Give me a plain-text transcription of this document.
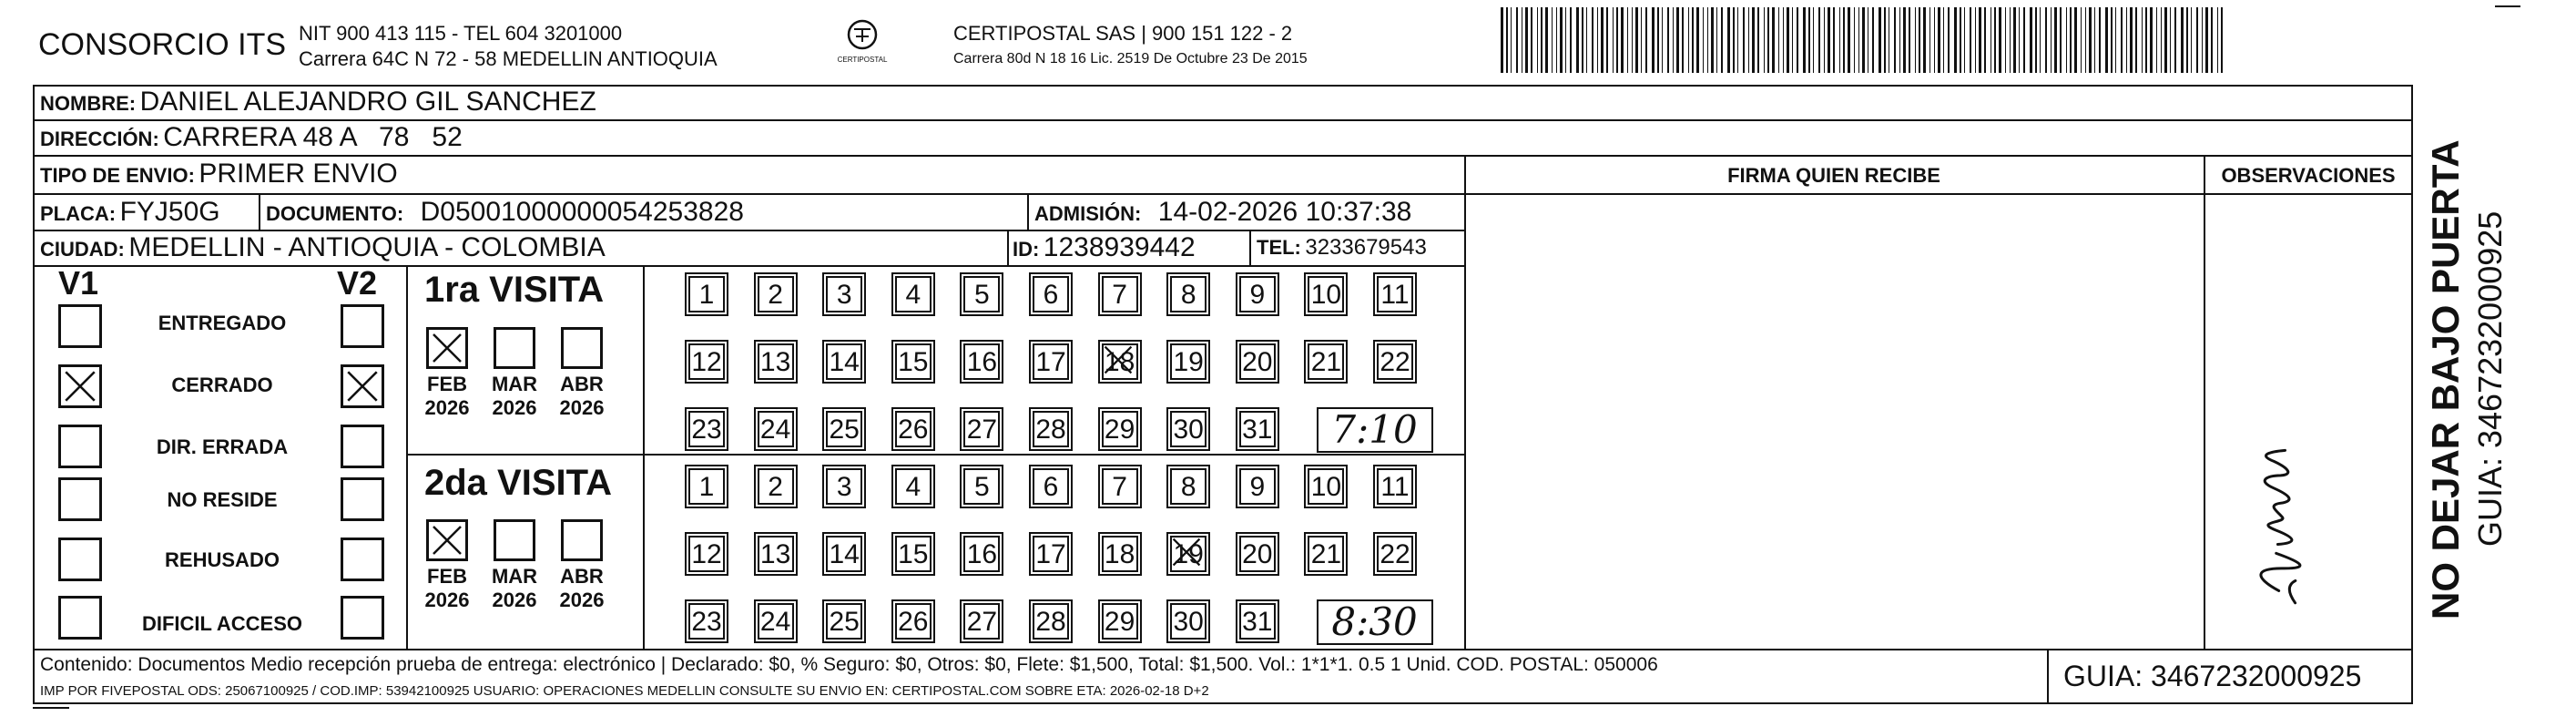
CONSORCIO ITS NIT 900 413 115 - TEL 604 3201000
Carrera 64C N 72 - 58 MEDELLIN ANTIOQUIA	CERTIPOSTAL
CERTIPOSTAL SAS | 900 151 122 - 2
Carrera 80d N 18 16 Lic. 2519 De Octubre 23 De 2015
NOMBRE: DANIEL ALEJANDRO GIL SANCHEZ
DIRECCIÓN: CARRERA 48 A   78   52
TIPO DE ENVIO: PRIMER ENVIO	FIRMA QUIEN RECIBE	OBSERVACIONES
PLACA: FYJ50G DOCUMENTO: D05001000000054253828	ADMISIÓN: 14-02-2026 10:37:38
CIUDAD: MEDELLIN - ANTIOQUIA - COLOMBIA	ID: 1238939442	TEL: 3233679543
V1	V2
ENTREGADO
CERRADO
DIR. ERRADA
NO RESIDE
REHUSADO
DIFICIL ACCESO
1ra VISITA
2da VISITA
FEB
2026
MAR
2026
ABR
2026
1	2	3	4	5	6	7	8	9	10 11
12 13 14 15 16 17 18 19 20 21 22
23 24 25 26 27 28 29 30 31 7:10
FEB
2026
MAR
2026
ABR
2026
1	2	3	4	5	6	7	8	9	10 11
12 13 14 15 16 17 18 19 20 21 22
23 24 25 26 27 28 29 30 31 8:30
Contenido: Documentos Medio recepción prueba de entrega: electrónico | Declarado: $0, % Seguro: $0, Otros: $0, Flete: $1,500, Total: $1,500. Vol.: 1*1*1. 0.5 1 Unid. COD. POSTAL: 050006
IMP POR FIVEPOSTAL ODS: 25067100925 / COD.IMP: 53942100925 USUARIO: OPERACIONES MEDELLIN CONSULTE SU ENVIO EN: CERTIPOSTAL.COM SOBRE ETA: 2026-02-18 D+2	GUIA: 3467232000925
NO DEJAR BAJO PUERTA GUIA: 3467232000925
